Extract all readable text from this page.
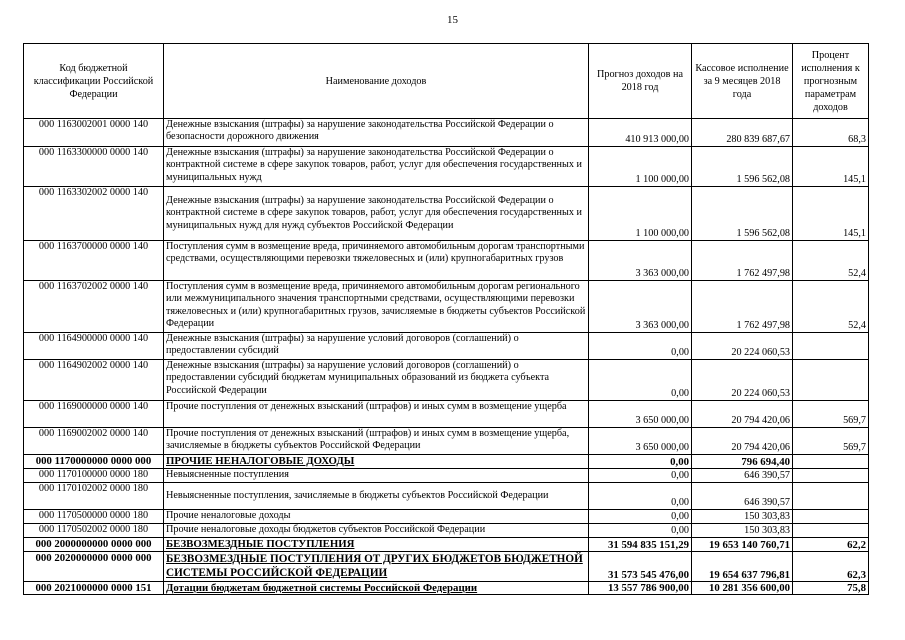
15
Код бюджетной классификации Российской Федерации	Наименование доходов	Прогноз доходов на 2018 год	Кассовое исполнение за 9 месяцев 2018 года	Процент исполнения к прогнозным параметрам доходов
000 1163002001 0000 140	Денежные взыскания (штрафы) за нарушение законодательства Российской Федерации о безопасности дорожного движения	410 913 000,00	280 839 687,67	68,3
000 1163300000 0000 140	Денежные взыскания (штрафы) за нарушение законодательства Российской Федерации о контрактной системе в сфере закупок товаров, работ, услуг для обеспечения государственных и муниципальных нужд	1 100 000,00	1 596 562,08	145,1
000 1163302002 0000 140	Денежные взыскания (штрафы) за нарушение законодательства Российской Федерации о контрактной системе в сфере закупок товаров, работ, услуг для обеспечения государственных и муниципальных нужд для нужд субъектов Российской Федерации	1 100 000,00	1 596 562,08	145,1
000 1163700000 0000 140	Поступления сумм в возмещение вреда, причиняемого автомобильным дорогам транспортными средствами, осуществляющими перевозки тяжеловесных и (или) крупногабаритных грузов	3 363 000,00	1 762 497,98	52,4
000 1163702002 0000 140	Поступления сумм в возмещение вреда, причиняемого автомобильным дорогам регионального или межмуниципального значения транспортными средствами, осуществляющими перевозки тяжеловесных и (или) крупногабаритных грузов, зачисляемые в бюджеты субъектов Российской Федерации	3 363 000,00	1 762 497,98	52,4
000 1164900000 0000 140	Денежные взыскания (штрафы) за нарушение условий договоров (соглашений) о предоставлении субсидий	0,00	20 224 060,53	
000 1164902002 0000 140	Денежные взыскания (штрафы) за нарушение условий договоров (соглашений) о предоставлении субсидий бюджетам муниципальных образований из бюджета субъекта Российской Федерации	0,00	20 224 060,53	
000 1169000000 0000 140	Прочие поступления от денежных взысканий (штрафов) и иных сумм в возмещение ущерба	3 650 000,00	20 794 420,06	569,7
000 1169002002 0000 140	Прочие поступления от денежных взысканий (штрафов) и иных сумм в возмещение ущерба, зачисляемые в бюджеты субъектов Российской Федерации	3 650 000,00	20 794 420,06	569,7
000 1170000000 0000 000	ПРОЧИЕ НЕНАЛОГОВЫЕ ДОХОДЫ	0,00	796 694,40	
000 1170100000 0000 180	Невыясненные поступления	0,00	646 390,57	
000 1170102002 0000 180	Невыясненные поступления, зачисляемые в бюджеты субъектов Российской Федерации	0,00	646 390,57	
000 1170500000 0000 180	Прочие неналоговые доходы	0,00	150 303,83	
000 1170502002 0000 180	Прочие неналоговые доходы бюджетов субъектов Российской Федерации	0,00	150 303,83	
000 2000000000 0000 000	БЕЗВОЗМЕЗДНЫЕ ПОСТУПЛЕНИЯ	31 594 835 151,29	19 653 140 760,71	62,2
000 2020000000 0000 000	БЕЗВОЗМЕЗДНЫЕ ПОСТУПЛЕНИЯ ОТ ДРУГИХ БЮДЖЕТОВ БЮДЖЕТНОЙ СИСТЕМЫ РОССИЙСКОЙ ФЕДЕРАЦИИ	31 573 545 476,00	19 654 637 796,81	62,3
000 2021000000 0000 151	Дотации бюджетам бюджетной системы Российской Федерации	13 557 786 900,00	10 281 356 600,00	75,8
